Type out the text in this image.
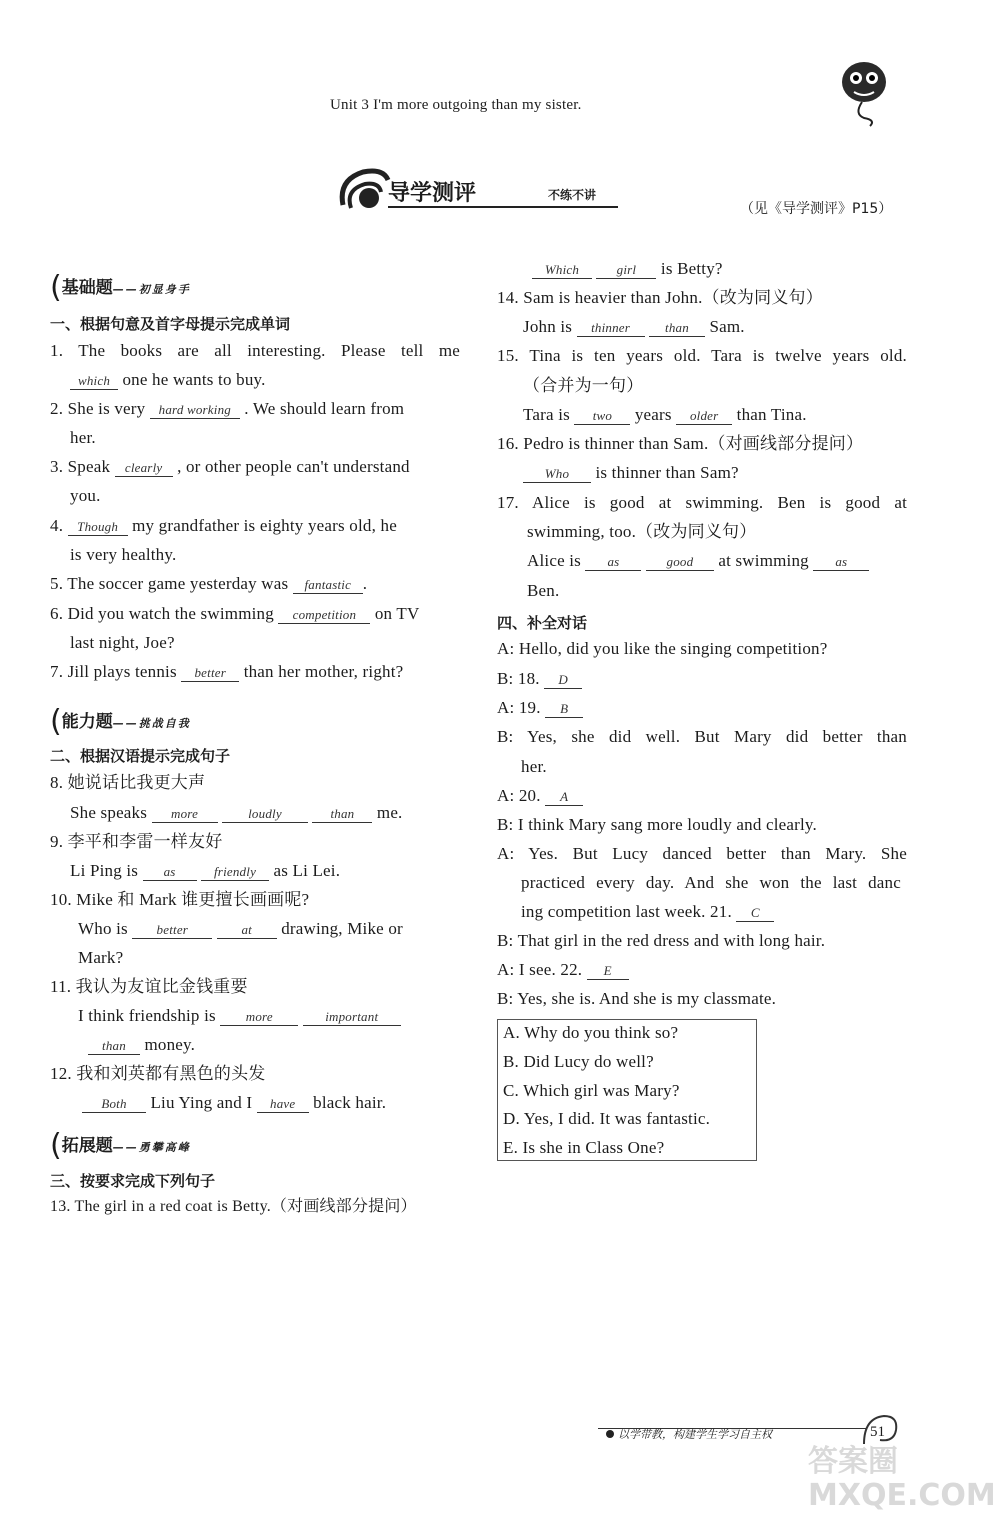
Unit 3 I'm more outgoing than my sister.
导学测评	不练不讲
（见《导学测评》P15）
(基础题——初显身手
一、根据句意及首字母提示完成单词
1. The books are all interesting. Please tell me
which one he wants to buy.
2. She is very hard working . We should learn from
her.
3. Speak clearly , or other people can't understand
you.
4. Though my grandfather is eighty years old, he
is very healthy.
5. The soccer game yesterday was fantastic .
6. Did you watch the swimming competition on TV
last night, Joe?
7. Jill plays tennis better than her mother, right?
(能力题——挑战自我
二、根据汉语提示完成句子
8. 她说话比我更大声
She speaks more	loudly	than me.
9. 李平和李雷一样友好
Li Ping is as	friendly as Li Lei.
10. Mike 和 Mark 谁更擅长画画呢?
Who is better	at drawing, Mike or
Mark?
11. 我认为友谊比金钱重要
I think friendship is more	important
than money.
12. 我和刘英都有黑色的头发
Both Liu Ying and I have black hair.
(拓展题——勇攀高峰
三、按要求完成下列句子
13. The girl in a red coat is Betty.（对画线部分提问）
Which	girl is Betty?
14. Sam is heavier than John.（改为同义句）
John is thinner	than Sam.
15. Tina is ten years old. Tara is twelve years old.
（合并为一句）
Tara is two years older than Tina.
16. Pedro is thinner than Sam.（对画线部分提问）
Who is thinner than Sam?
17. Alice is good at swimming. Ben is good at
swimming, too.（改为同义句）
Alice is as	good at swimming as
Ben.
四、补全对话
A: Hello, did you like the singing competition?
B: 18. D
A: 19. B
B: Yes, she did well. But Mary did better than
her.
A: 20. A
B: I think Mary sang more loudly and clearly.
A: Yes. But Lucy danced better than Mary. She
practiced every day. And she won the last danc
ing competition last week. 21. C
B: That girl in the red dress and with long hair.
A: I see. 22. E
B: Yes, she is. And she is my classmate.
A. Why do you think so?
B. Did Lucy do well?
C. Which girl was Mary?
D. Yes, I did. It was fantastic.
E. Is she in Class One?
以学带教，构建学生学习自主权	51
答案圈 MXQE.COM
